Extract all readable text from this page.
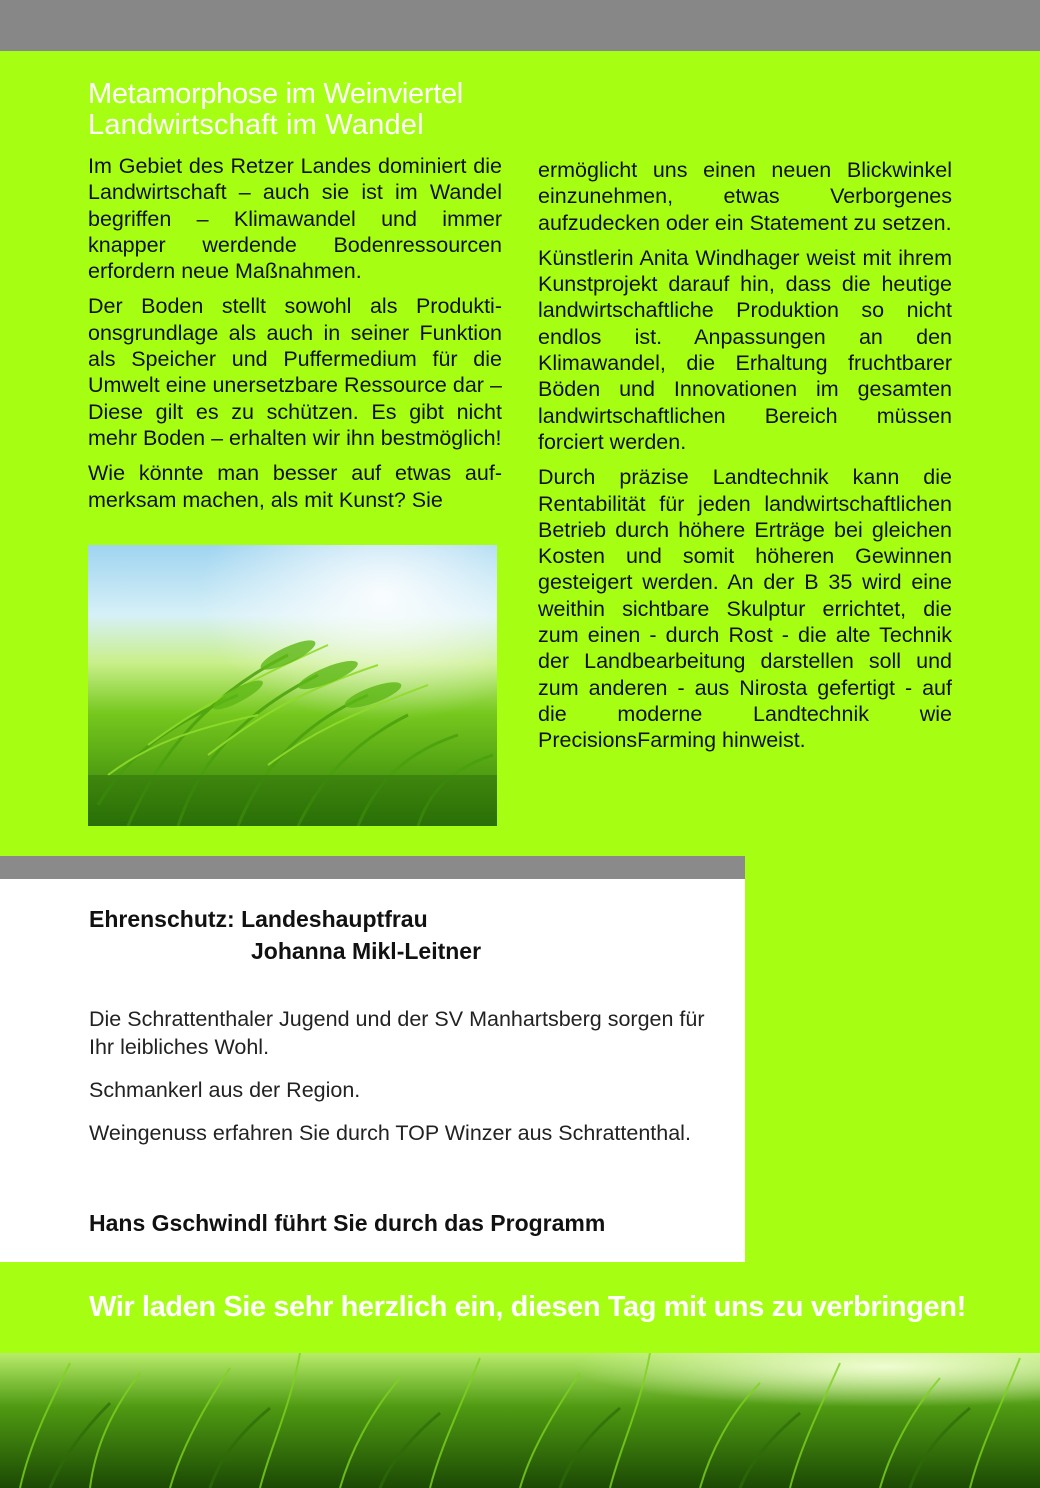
Metamorphose im Weinviertel
Landwirtschaft im Wandel

Im Gebiet des Retzer Landes dominiert die Landwirtschaft – auch sie ist im Wandel begriffen – Klimawandel und immer knapper werdende Bodenressourcen erfordern neue Maßnahmen.

Der Boden stellt sowohl als Produktionsgrundlage als auch in seiner Funktion als Speicher und Puffermedium für die Umwelt eine unersetzbare Ressource dar – Diese gilt es zu schützen. Es gibt nicht mehr Boden – erhalten wir ihn bestmöglich!

Wie könnte man besser auf etwas aufmerksam machen, als mit Kunst? Sie

ermöglicht uns einen neuen Blickwinkel einzunehmen, etwas Verborgenes aufzudecken oder ein Statement zu setzen.

Künstlerin Anita Windhager weist mit ihrem Kunstprojekt darauf hin, dass die heutige landwirtschaftliche Produktion so nicht endlos ist. Anpassungen an den Klimawandel, die Erhaltung fruchtbarer Böden und Innovationen im gesamten landwirtschaftlichen Bereich müssen forciert werden.

Durch präzise Landtechnik kann die Rentabilität für jeden landwirtschaftlichen Betrieb durch höhere Erträge bei gleichen Kosten und somit höheren Gewinnen gesteigert werden. An der B 35 wird eine weithin sichtbare Skulptur errichtet, die zum einen - durch Rost - die alte Technik der Landbearbeitung darstellen soll und zum anderen - aus Nirosta gefertigt - auf die moderne Landtechnik wie PrecisionsFarming hinweist.

Ehrenschutz: Landeshauptfrau
Johanna Mikl-Leitner

Die Schrattenthaler Jugend und der SV Manhartsberg sorgen für Ihr leibliches Wohl.

Schmankerl aus der Region.

Weingenuss erfahren Sie durch TOP Winzer aus Schrattenthal.

Hans Gschwindl führt Sie durch das Programm
Wir laden Sie sehr herzlich ein, diesen Tag mit uns zu verbringen!
